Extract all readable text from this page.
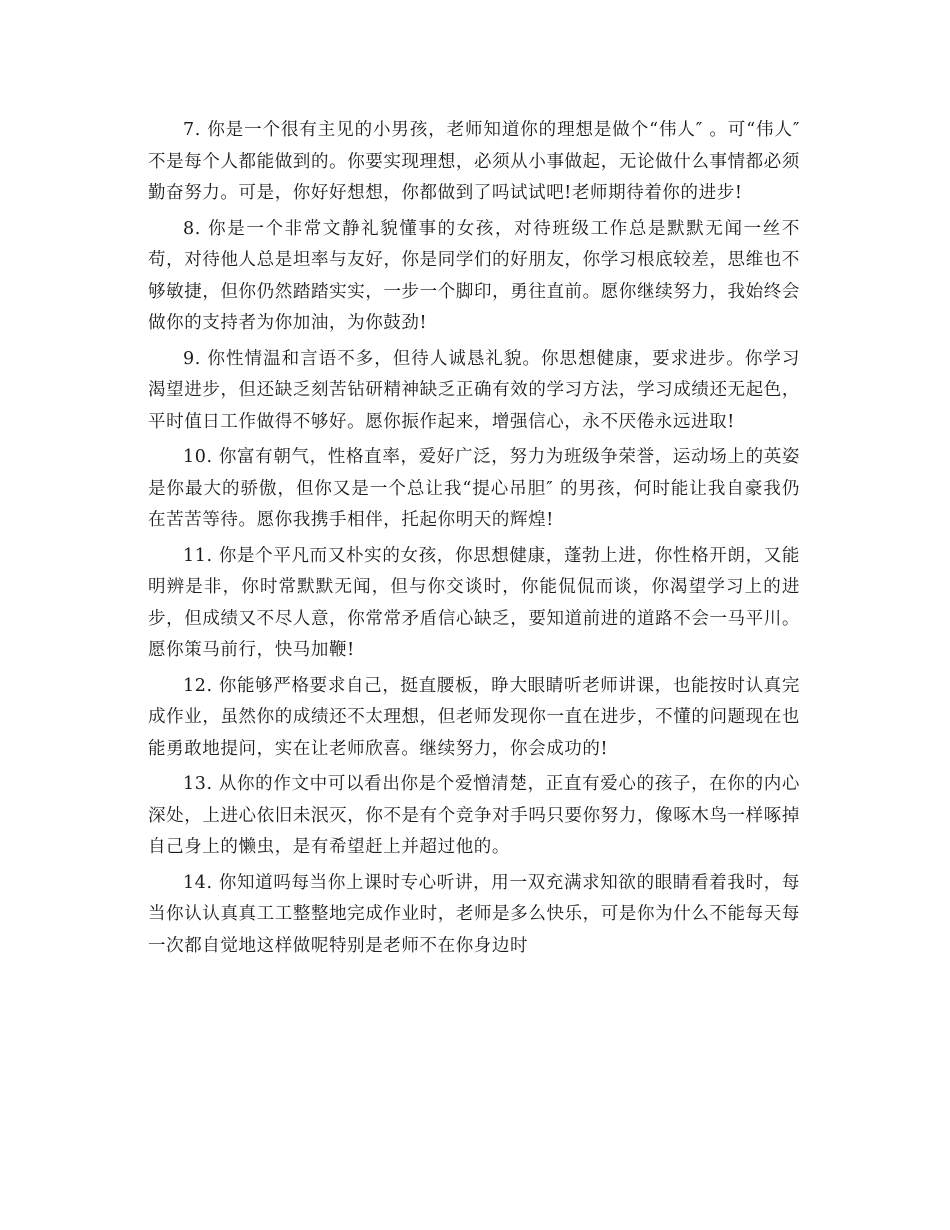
7. 你是一个很有主见的小男孩，老师知道你的理想是做个“伟人″ 。可“伟人″ 不是每个人都能做到的。你要实现理想，必须从小事做起，无论做什么事情都必须勤奋努力。可是，你好好想想，你都做到了吗试试吧!老师期待着你的进步!

8. 你是一个非常文静礼貌懂事的女孩，对待班级工作总是默默无闻一丝不苟，对待他人总是坦率与友好，你是同学们的好朋友，你学习根底较差，思维也不够敏捷，但你仍然踏踏实实，一步一个脚印，勇往直前。愿你继续努力，我始终会做你的支持者为你加油，为你鼓劲!

9. 你性情温和言语不多，但待人诚恳礼貌。你思想健康，要求进步。你学习渴望进步，但还缺乏刻苦钻研精神缺乏正确有效的学习方法，学习成绩还无起色，平时值日工作做得不够好。愿你振作起来，增强信心，永不厌倦永远进取!

10. 你富有朝气，性格直率，爱好广泛，努力为班级争荣誉，运动场上的英姿是你最大的骄傲，但你又是一个总让我“提心吊胆″ 的男孩，何时能让我自豪我仍在苦苦等待。愿你我携手相伴，托起你明天的辉煌!

11. 你是个平凡而又朴实的女孩，你思想健康，蓬勃上进，你性格开朗，又能明辨是非，你时常默默无闻，但与你交谈时，你能侃侃而谈，你渴望学习上的进步，但成绩又不尽人意，你常常矛盾信心缺乏，要知道前进的道路不会一马平川。愿你策马前行，快马加鞭!

12. 你能够严格要求自己，挺直腰板，睁大眼睛听老师讲课，也能按时认真完成作业，虽然你的成绩还不太理想，但老师发现你一直在进步，不懂的问题现在也能勇敢地提问，实在让老师欣喜。继续努力，你会成功的!

13. 从你的作文中可以看出你是个爱憎清楚，正直有爱心的孩子，在你的内心深处，上进心依旧未泯灭，你不是有个竞争对手吗只要你努力，像啄木鸟一样啄掉自己身上的懒虫，是有希望赶上并超过他的。

14. 你知道吗每当你上课时专心听讲，用一双充满求知欲的眼睛看着我时，每当你认认真真工工整整地完成作业时，老师是多么快乐，可是你为什么不能每天每一次都自觉地这样做呢特别是老师不在你身边时
